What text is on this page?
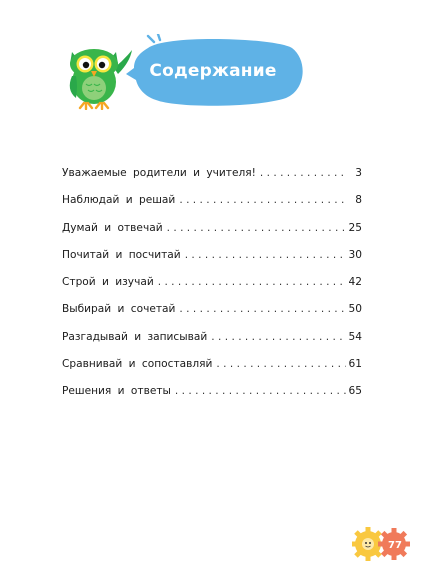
Содержание
Уважаемые родители и учителя! . . .	3
Наблюдай и решай . . .	8
Думай и отвечай . . .	25
Почитай и посчитай . . .	30
Строй и изучай . . .	42
Выбирай и сочетай . . .	50
Разгадывай и записывай . . .	54
Сравнивай и сопоставляй . . .	61
Решения и ответы . . .	65
77
